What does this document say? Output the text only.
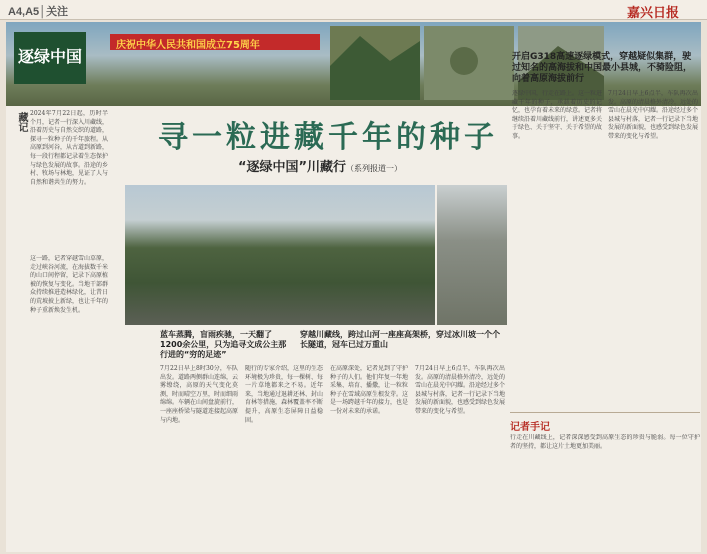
A4,A5│关注	嘉兴日报
逐绿中国
庆祝中华人民共和国成立75周年
开启G318高速逐绿模式，穿越疑似集群，驶过知名的高海拔和中国最小县城，不骑险阻，向着高原海拔前行
寻一粒进藏千年的种子
“逐绿中国”川藏行（系列报道一）
藏记 2024年7月22日起，历时半个月，记者一行深入川藏线，沿着历史与自然交织的道路，探寻一粒种子的千年旅程。从高原到河谷，从古道到新路，每一段行程都记录着生态保护与绿色发展的故事。沿途的乡村、牧场与林地，见证了人与自然和谐共生的努力。
蓝车蒸腾，盲雨疾驰，一天翻了1200余公里，只为追寻文成公主那行进的“穷的足迹”
穿越川藏线，跨过山河一座座高架桥，穿过冰川坡一个个长隧道，冠车已过万重山
这一路，记者穿越雪山草原，走过峡谷河流，在海拔数千米的山口间停留，记录下高原植被的恢复与变化。当地干部群众持续推进造林绿化，让昔日的荒坡披上新绿，也让千年的种子重新焕发生机。
7月22日早上8时30分，车队出发。道路两侧群山连绵，云雾缭绕，高原的天气变化莫测，时而晴空万里，时而细雨绵绵。车辆在山间盘旋前行，一座座桥梁与隧道连接起高原与内地。
随行的专家介绍，这里的生态环境极为珍贵，每一棵树、每一片草地都来之不易。近年来，当地通过退耕还林、封山育林等措施，森林覆盖率不断提升，高原生态屏障日益稳固。
在高原深处，记者见到了守护种子的人们。他们年复一年地采集、培育、播撒，让一粒粒种子在雪域高原生根发芽。这是一场跨越千年的接力，也是一份对未来的承诺。
7月24日早上6点半，车队再次出发。高原的清晨格外清冷，远处的雪山在晨光中闪耀。沿途经过多个县城与村落，记者一行记录下当地发展的新面貌，也感受到绿色发展带来的变化与希望。
逐绿中国，行走在路上。这一粒进藏千年的种子，承载着历史的记忆，也孕育着未来的绿意。记者将继续沿着川藏线前行，讲述更多关于绿色、关于坚守、关于希望的故事。
7月24日早上6点半，车队再次出发。高原的清晨格外清冷，远处的雪山在晨光中闪耀。沿途经过多个县城与村落，记者一行记录下当地发展的新面貌，也感受到绿色发展带来的变化与希望。
记者手记
行走在川藏线上，记者深深感受到高原生态的珍贵与脆弱。每一位守护者的坚持，都让这片土地更加美丽。
